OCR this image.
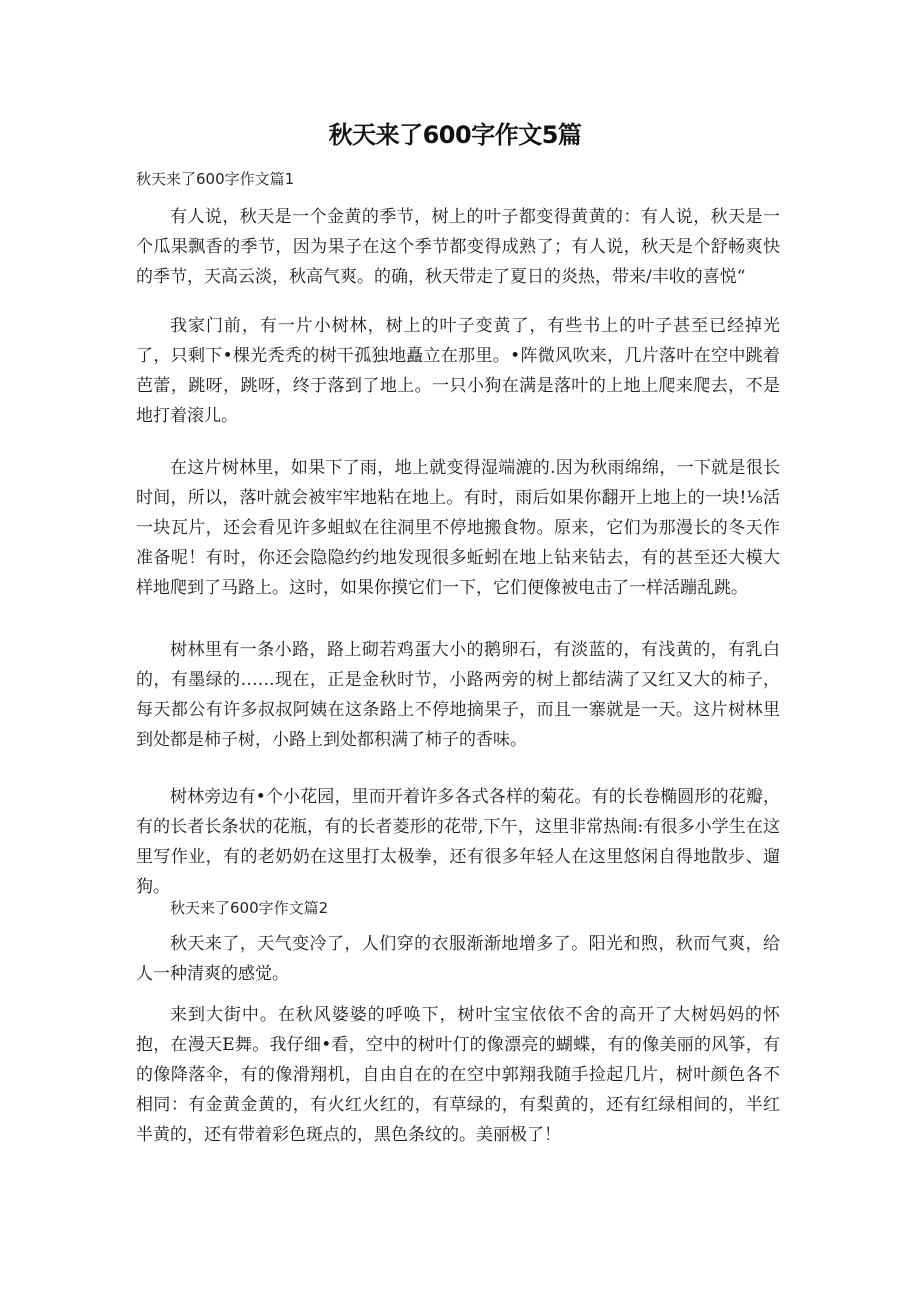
秋天来了600字作文5篇
秋天来了600字作文篇1

有人说，秋天是一个金黄的季节，树上的叶子都变得黄黄的：有人说，秋天是一个瓜果飘香的季节，因为果子在这个季节都变得成熟了；有人说，秋天是个舒畅爽快的季节，天高云淡，秋高气爽。的确，秋天带走了夏日的炎热，带来/丰收的喜悦“

我家门前，有一片小树林，树上的叶子变黄了，有些书上的叶子甚至已经掉光了，只剩下•棵光秃秃的树干孤独地矗立在那里。•阵微风吹来，几片落叶在空中跳着芭蕾，跳呀，跳呀，终于落到了地上。一只小狗在满是落叶的上地上爬来爬去，不是地打着滚儿。

在这片树林里，如果下了雨，地上就变得湿端漉的.因为秋雨绵绵，一下就是很长时间，所以，落叶就会被牢牢地粘在地上。有时，雨后如果你翻开上地上的一块!⅛活一块瓦片，还会看见许多蛆蚁在往洞里不停地搬食物。原来，它们为那漫长的冬天作准备呢！有时，你还会隐隐约约地发现很多蚯蚓在地上钻来钻去，有的甚至还大模大样地爬到了马路上。这时，如果你摸它们一下，它们便像被电击了一样活蹦乱跳。

树林里有一条小路，路上砌若鸡蛋大小的鹅卵石，有淡蓝的，有浅黄的，有乳白的，有墨绿的……现在，正是金秋时节，小路两旁的树上都结满了又红又大的柿子，每天都公有许多叔叔阿姨在这条路上不停地摘果子，而且一寨就是一天。这片树林里到处都是柿子树，小路上到处都积满了柿子的香味。

树林旁边有•个小花园，里而开着许多各式各样的菊花。有的长卷椭圆形的花瓣，有的长者长条状的花瓶，有的长者菱形的花带,下午，这里非常热闹:有很多小学生在这里写作业，有的老奶奶在这里打太极拳，还有很多年轻人在这里悠闲自得地散步、遛狗。

秋天来了600字作文篇2

秋天来了，天气变冷了，人们穿的衣服渐渐地增多了。阳光和煦，秋而气爽，给人一种清爽的感觉。

来到大街中。在秋风婆婆的呼唤下，树叶宝宝依依不舍的高开了大树妈妈的怀抱，在漫天E舞。我仔细•看，空中的树叶仃的像漂亮的蝴蝶，有的像美丽的风筝，有的像降落伞，有的像滑翔机，自由自在的在空中郭翔我随手捡起几片，树叶颜色各不相同：有金黄金黄的，有火红火红的，有草绿的，有梨黄的，还有红绿相间的，半红半黄的，还有带着彩色斑点的，黑色条纹的。美丽极了！
